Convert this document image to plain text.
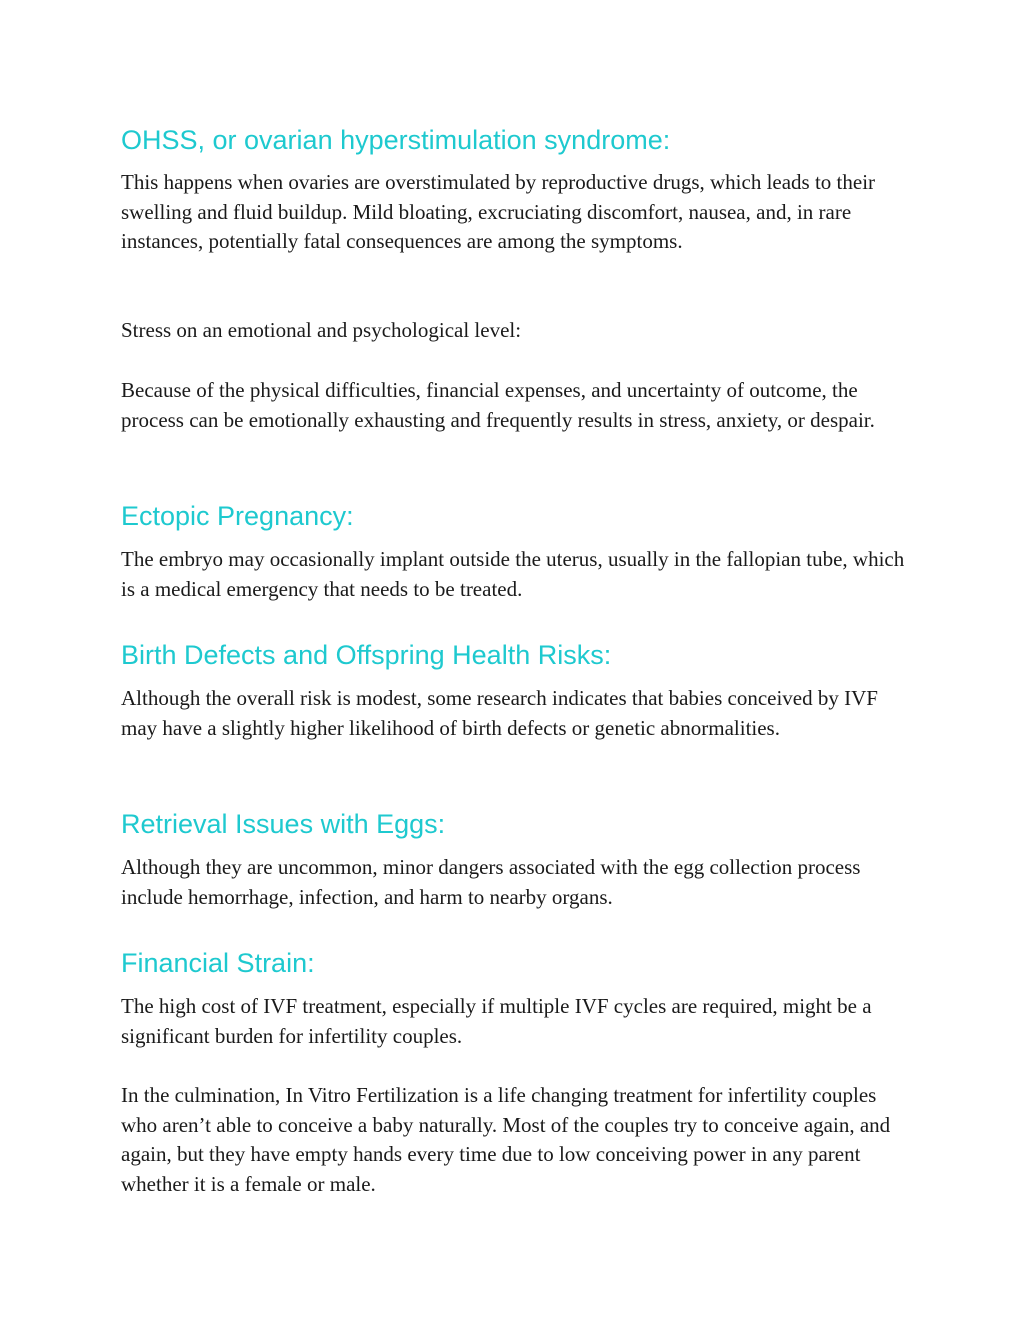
OHSS, or ovarian hyperstimulation syndrome:

This happens when ovaries are overstimulated by reproductive drugs, which leads to their swelling and fluid buildup. Mild bloating, excruciating discomfort, nausea, and, in rare instances, potentially fatal consequences are among the symptoms.

Stress on an emotional and psychological level:

Because of the physical difficulties, financial expenses, and uncertainty of outcome, the process can be emotionally exhausting and frequently results in stress, anxiety, or despair.

Ectopic Pregnancy:

The embryo may occasionally implant outside the uterus, usually in the fallopian tube, which is a medical emergency that needs to be treated.

Birth Defects and Offspring Health Risks:

Although the overall risk is modest, some research indicates that babies conceived by IVF may have a slightly higher likelihood of birth defects or genetic abnormalities.

Retrieval Issues with Eggs:

Although they are uncommon, minor dangers associated with the egg collection process include hemorrhage, infection, and harm to nearby organs.

Financial Strain:

The high cost of IVF treatment, especially if multiple IVF cycles are required, might be a significant burden for infertility couples.

In the culmination, In Vitro Fertilization is a life changing treatment for infertility couples who aren’t able to conceive a baby naturally. Most of the couples try to conceive again, and again, but they have empty hands every time due to low conceiving power in any parent whether it is a female or male.
